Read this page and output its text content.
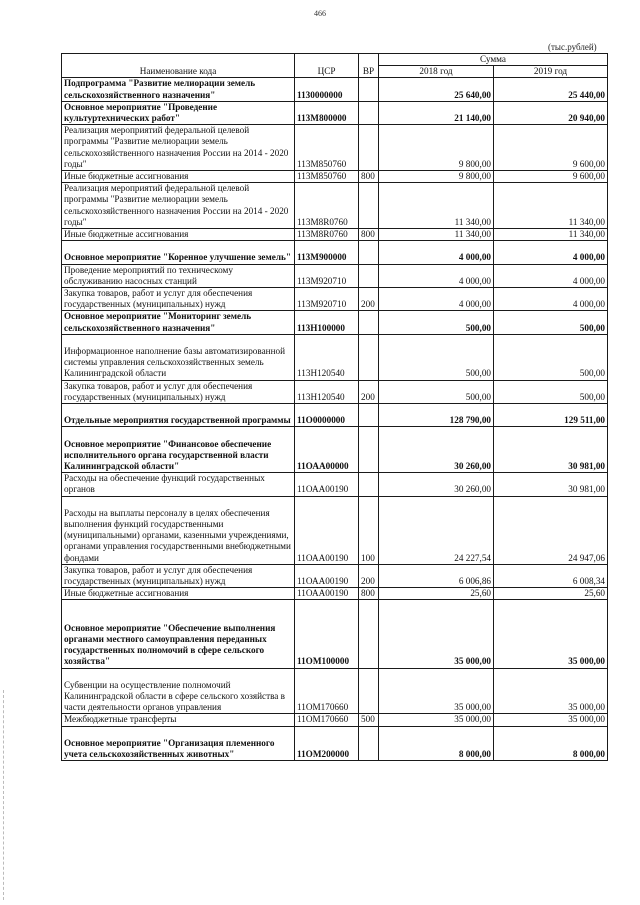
466
(тыс.рублей)
Наименование кода	ЦСР	ВР	Сумма	
			2018 год	2019 год
Подпрограмма "Развитие мелиорации земель сельскохозяйственного назначения"	1130000000		25 640,00	25 440,00
Основное мероприятие "Проведение культуртехнических работ"	113М800000		21 140,00	20 940,00
Реализация мероприятий федеральной целевой программы "Развитие мелиорации земель сельскохозяйственного назначения России на 2014 - 2020 годы"	113М850760		9 800,00	9 600,00
Иные бюджетные ассигнования	113М850760	800	9 800,00	9 600,00
Реализация мероприятий федеральной целевой программы "Развитие мелиорации земель сельскохозяйственного назначения России на 2014 - 2020 годы"	113М8R0760		11 340,00	11 340,00
Иные бюджетные ассигнования	113М8R0760	800	11 340,00	11 340,00
Основное мероприятие "Коренное улучшение земель"	113М900000		4 000,00	4 000,00
Проведение мероприятий по техническому обслуживанию насосных станций	113М920710		4 000,00	4 000,00
Закупка товаров, работ и услуг для обеспечения государственных (муниципальных) нужд	113М920710	200	4 000,00	4 000,00
Основное мероприятие "Мониторинг земель сельскохозяйственного назначения"	113Н100000		500,00	500,00
Информационное наполнение базы автоматизированной системы управления сельскохозяйственных земель Калининградской области	113Н120540		500,00	500,00
Закупка товаров, работ и услуг для обеспечения государственных (муниципальных) нужд	113Н120540	200	500,00	500,00
Отдельные мероприятия государственной программы	11О0000000		128 790,00	129 511,00
Основное мероприятие "Финансовое обеспечение исполнительного органа государственной власти Калининградской области"	11ОАА00000		30 260,00	30 981,00
Расходы на обеспечение функций государственных органов	11ОАА00190		30 260,00	30 981,00
Расходы на выплаты персоналу в целях обеспечения выполнения функций государственными (муниципальными) органами, казенными учреждениями, органами управления государственными внебюджетными фондами	11ОАА00190	100	24 227,54	24 947,06
Закупка товаров, работ и услуг для обеспечения государственных (муниципальных) нужд	11ОАА00190	200	6 006,86	6 008,34
Иные бюджетные ассигнования	11ОАА00190	800	25,60	25,60
Основное мероприятие "Обеспечение выполнения органами местного самоуправления переданных государственных полномочий в сфере сельского хозяйства"	11ОМ100000		35 000,00	35 000,00
Субвенции на осуществление полномочий Калининградской области в сфере сельского хозяйства в части деятельности органов управления	11ОМ170660		35 000,00	35 000,00
Межбюджетные трансферты	11ОМ170660	500	35 000,00	35 000,00
Основное мероприятие "Организация племенного учета сельскохозяйственных животных"	11ОМ200000		8 000,00	8 000,00
